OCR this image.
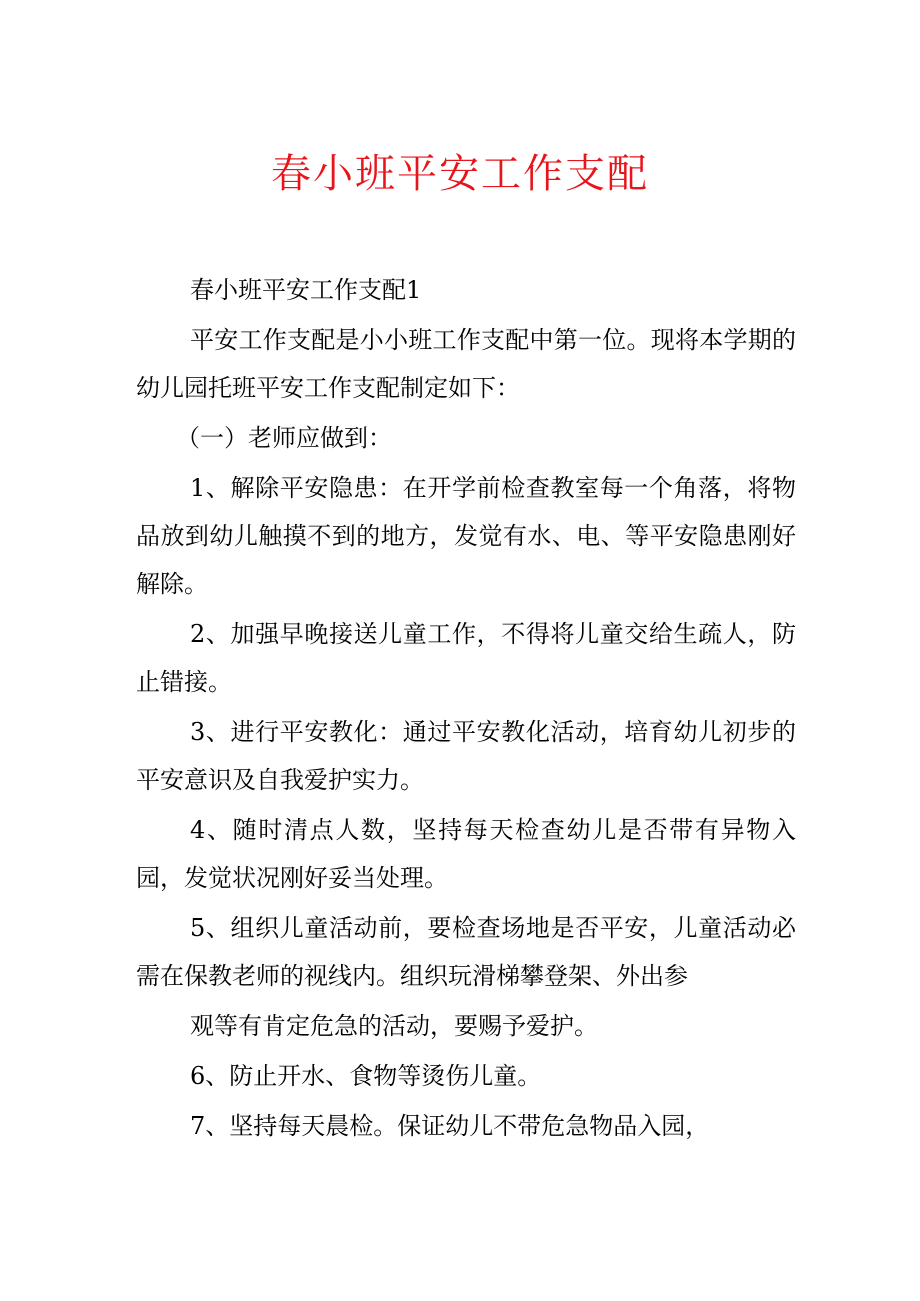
春小班平安工作支配

春小班平安工作支配1

平安工作支配是小小班工作支配中第一位。现将本学期的幼儿园托班平安工作支配制定如下：

（一）老师应做到：

1、解除平安隐患：在开学前检查教室每一个角落，将物品放到幼儿触摸不到的地方，发觉有水、电、等平安隐患刚好解除。

2、加强早晚接送儿童工作，不得将儿童交给生疏人，防止错接。

3、进行平安教化：通过平安教化活动，培育幼儿初步的平安意识及自我爱护实力。

4、随时清点人数，坚持每天检查幼儿是否带有异物入园，发觉状况刚好妥当处理。

5、组织儿童活动前，要检查场地是否平安，儿童活动必需在保教老师的视线内。组织玩滑梯攀登架、外出参

观等有肯定危急的活动，要赐予爱护。

6、防止开水、食物等烫伤儿童。

7、坚持每天晨检。保证幼儿不带危急物品入园，
